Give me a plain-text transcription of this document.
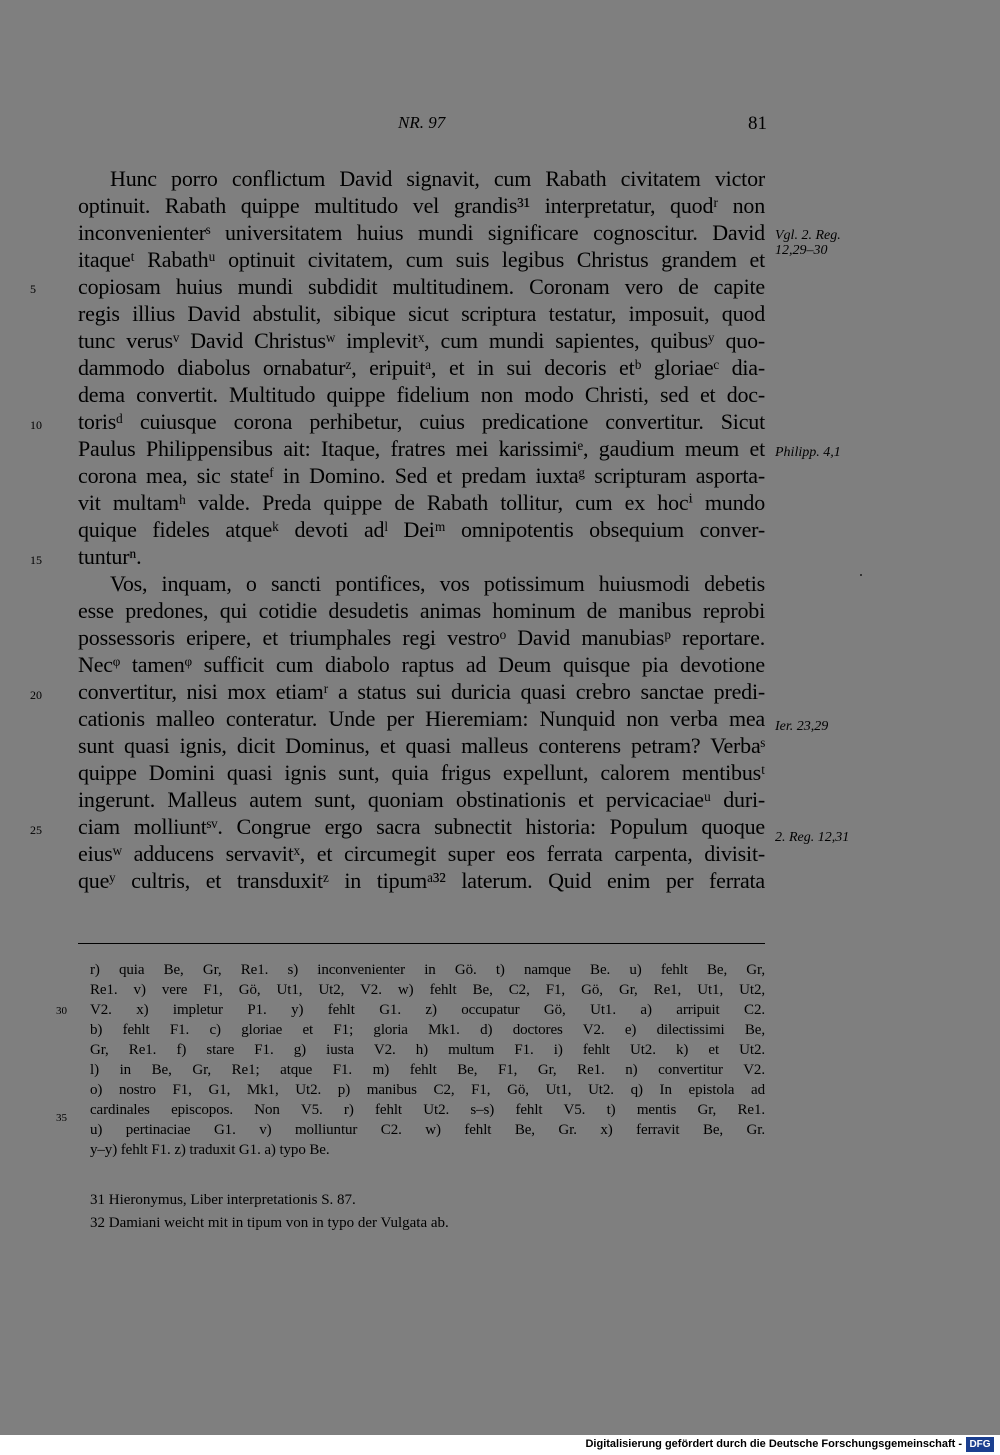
NR. 97	81
Hunc porro conflictum David signavit, cum Rabath civitatem victor
optinuit. Rabath quippe multitudo vel grandis³¹ interpretatur, quodʳ non
inconvenienterˢ universitatem huius mundi significare cognoscitur. David
itaqueᵗ Rabathᵘ optinuit civitatem, cum suis legibus Christus grandem et
copiosam huius mundi subdidit multitudinem. Coronam vero de capite
regis illius David abstulit, sibique sicut scriptura testatur, imposuit, quod
tunc verusᵛ David Christusʷ implevitˣ, cum mundi sapientes, quibusʸ quo-
dammodo diabolus ornabaturᶻ, eripuitᵃ, et in sui decoris etᵇ gloriaeᶜ dia-
dema convertit. Multitudo quippe fidelium non modo Christi, sed et doc-
torisᵈ cuiusque corona perhibetur, cuius predicatione convertitur. Sicut
Paulus Philippensibus ait: Itaque, fratres mei karissimiᵉ, gaudium meum et
corona mea, sic stateᶠ in Domino. Sed et predam iuxtaᵍ scripturam asporta-
vit multamʰ valde. Preda quippe de Rabath tollitur, cum ex hocⁱ mundo
quique fideles atqueᵏ devoti adˡ Deiᵐ omnipotentis obsequium conver-
tunturⁿ.
Vos, inquam, o sancti pontifices, vos potissimum huiusmodi debetis
esse predones, qui cotidie desudetis animas hominum de manibus reprobi
possessoris eripere, et triumphales regi vestroᵒ David manubiasᵖ reportare.
Necᵠ tamenᵠ sufficit cum diabolo raptus ad Deum quisque pia devotione
convertitur, nisi mox etiamʳ a status sui duricia quasi crebro sanctae predi-
cationis malleo conteratur. Unde per Hieremiam: Nunquid non verba mea
sunt quasi ignis, dicit Dominus, et quasi malleus conterens petram? Verbaˢ
quippe Domini quasi ignis sunt, quia frigus expellunt, calorem mentibusᵗ
ingerunt. Malleus autem sunt, quoniam obstinationis et pervicaciaeᵘ duri-
ciam molliuntˢᵛ. Congrue ergo sacra subnectit historia: Populum quoque
eiusʷ adducens servavitˣ, et circumegit super eos ferrata carpenta, divisit-
queʸ cultris, et transduxitᶻ in tipumᵃ³² laterum. Quid enim per ferrata
5
10
15
20
25
Vgl. 2. Reg.
12,29–30
Philipp. 4,1
Ier. 23,29
2. Reg. 12,31
r) quia Be, Gr, Re1. s) inconvenienter in Gö. t) namque Be. u) fehlt Be, Gr,
Re1. v) vere F1, Gö, Ut1, Ut2, V2. w) fehlt Be, C2, F1, Gö, Gr, Re1, Ut1, Ut2,
V2. x) impletur P1. y) fehlt G1. z) occupatur Gö, Ut1. a) arripuit C2.
b) fehlt F1. c) gloriae et F1; gloria Mk1. d) doctores V2. e) dilectissimi Be,
Gr, Re1. f) stare F1. g) iusta V2. h) multum F1. i) fehlt Ut2. k) et Ut2.
l) in Be, Gr, Re1; atque F1. m) fehlt Be, F1, Gr, Re1. n) convertitur V2.
o) nostro F1, G1, Mk1, Ut2. p) manibus C2, F1, Gö, Ut1, Ut2. q) In epistola ad
cardinales episcopos. Non V5. r) fehlt Ut2. s–s) fehlt V5. t) mentis Gr, Re1.
u) pertinaciae G1. v) molliuntur C2. w) fehlt Be, Gr. x) ferravit Be, Gr.
y–y) fehlt F1. z) traduxit G1. a) typo Be.
30
35
31 Hieronymus, Liber interpretationis S. 87.
32 Damiani weicht mit in tipum von in typo der Vulgata ab.
Digitalisierung gefördert durch die Deutsche Forschungsgemeinschaft - DFG
